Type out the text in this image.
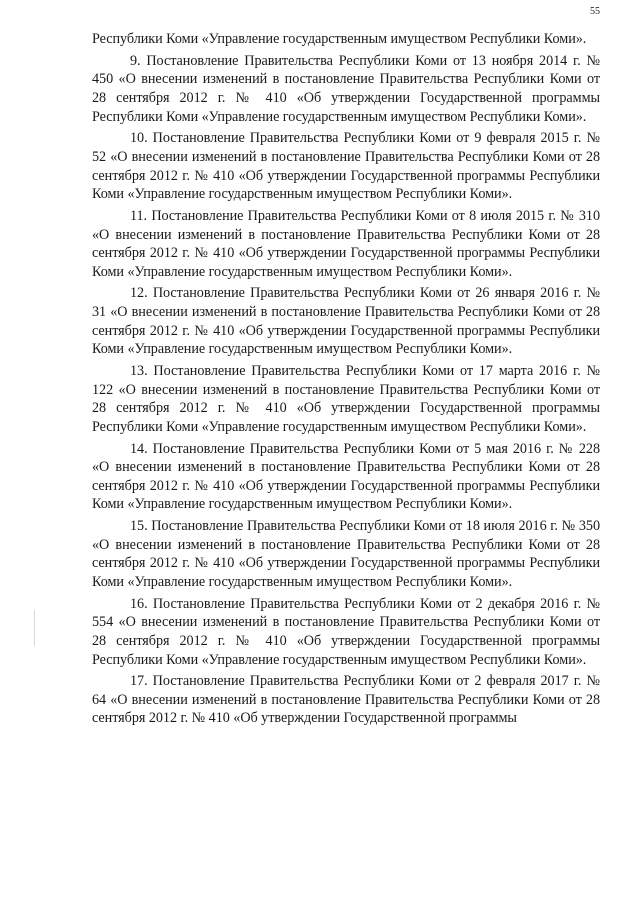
55

Республики Коми «Управление государственным имуществом Республики Коми».

9. Постановление Правительства Республики Коми от 13 ноября 2014 г. № 450 «О внесении изменений в постановление Правительства Республики Коми от 28 сентября 2012 г. № 410 «Об утверждении Государственной программы Республики Коми «Управление государственным имуществом Республики Коми».

10. Постановление Правительства Республики Коми от 9 февраля 2015 г. № 52 «О внесении изменений в постановление Правительства Республики Коми от 28 сентября 2012 г. № 410 «Об утверждении Государственной программы Республики Коми «Управление государственным имуществом Республики Коми».

11. Постановление Правительства Республики Коми от 8 июля 2015 г. № 310 «О внесении изменений в постановление Правительства Республики Коми от 28 сентября 2012 г. № 410 «Об утверждении Государственной программы Республики Коми «Управление государственным имуществом Республики Коми».

12. Постановление Правительства Республики Коми от 26 января 2016 г. № 31 «О внесении изменений в постановление Правительства Республики Коми от 28 сентября 2012 г. № 410 «Об утверждении Государственной программы Республики Коми «Управление государственным имуществом Республики Коми».

13. Постановление Правительства Республики Коми от 17 марта 2016 г. № 122 «О внесении изменений в постановление Правительства Республики Коми от 28 сентября 2012 г. № 410 «Об утверждении Государственной программы Республики Коми «Управление государственным имуществом Республики Коми».

14. Постановление Правительства Республики Коми от 5 мая 2016 г. № 228 «О внесении изменений в постановление Правительства Республики Коми от 28 сентября 2012 г. № 410 «Об утверждении Государственной программы Республики Коми «Управление государственным имуществом Республики Коми».

15. Постановление Правительства Республики Коми от 18 июля 2016 г. № 350 «О внесении изменений в постановление Правительства Республики Коми от 28 сентября 2012 г. № 410 «Об утверждении Государственной программы Республики Коми «Управление государственным имуществом Республики Коми».

16. Постановление Правительства Республики Коми от 2 декабря 2016 г. № 554 «О внесении изменений в постановление Правительства Республики Коми от 28 сентября 2012 г. № 410 «Об утверждении Государственной программы Республики Коми «Управление государственным имуществом Республики Коми».

17. Постановление Правительства Республики Коми от 2 февраля 2017 г. № 64 «О внесении изменений в постановление Правительства Республики Коми от 28 сентября 2012 г. № 410 «Об утверждении Государственной программы
